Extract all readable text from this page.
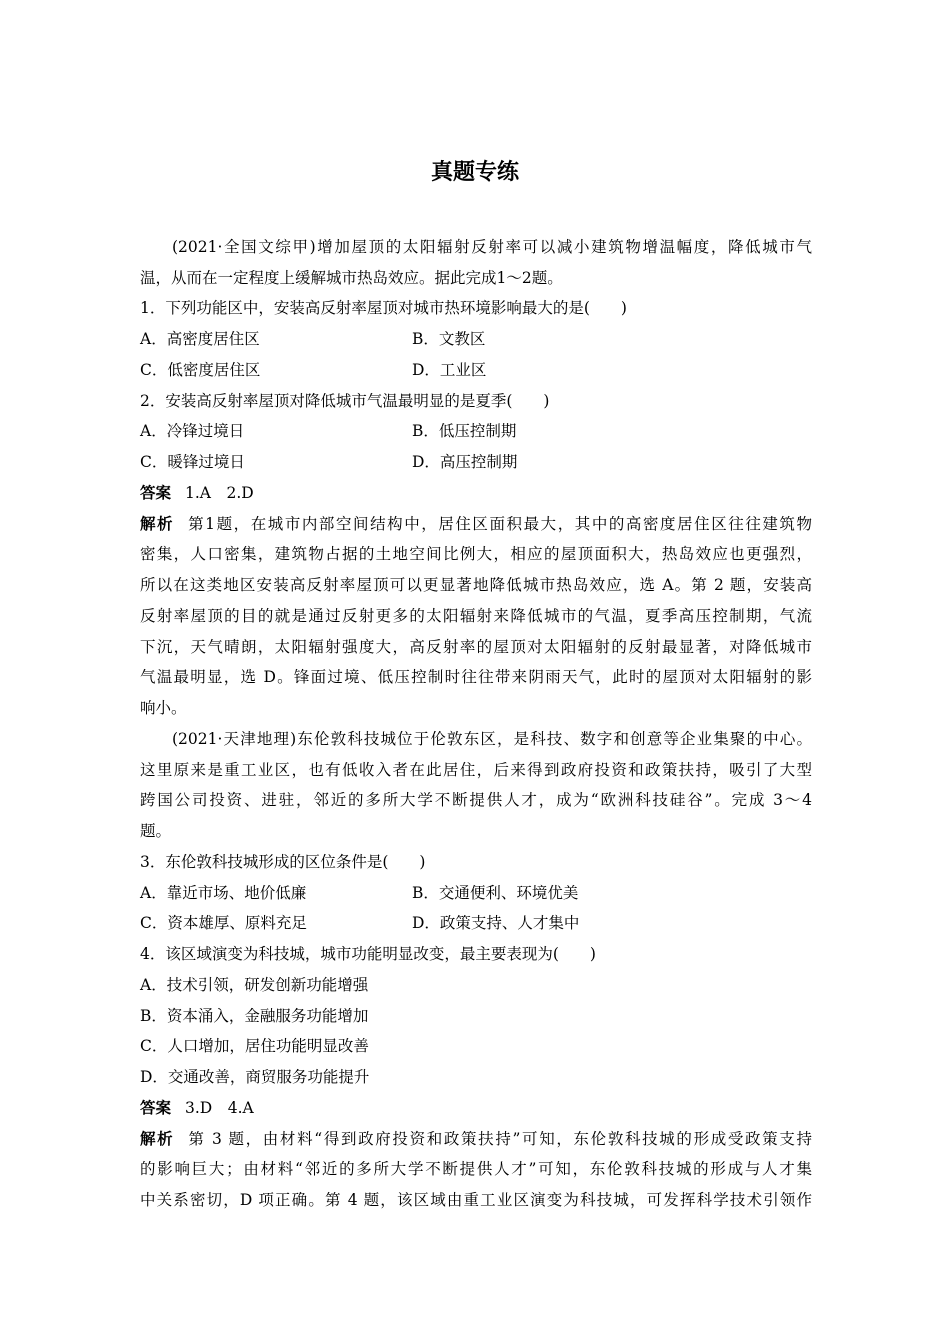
真题专练
(2021·全国文综甲)增加屋顶的太阳辐射反射率可以减小建筑物增温幅度，降低城市气
温，从而在一定程度上缓解城市热岛效应。据此完成1～2题。
1．下列功能区中，安装高反射率屋顶对城市热环境影响最大的是(　　)
A．高密度居住区	B．文教区
C．低密度居住区	D．工业区
2．安装高反射率屋顶对降低城市气温最明显的是夏季(　　)
A．冷锋过境日	B．低压控制期
C．暖锋过境日	D．高压控制期
答案 1.A　2.D
解析 第1题，在城市内部空间结构中，居住区面积最大，其中的高密度居住区往往建筑物
密集，人口密集，建筑物占据的土地空间比例大，相应的屋顶面积大，热岛效应也更强烈，
所以在这类地区安装高反射率屋顶可以更显著地降低城市热岛效应，选 A。第 2 题，安装高
反射率屋顶的目的就是通过反射更多的太阳辐射来降低城市的气温，夏季高压控制期，气流
下沉，天气晴朗，太阳辐射强度大，高反射率的屋顶对太阳辐射的反射最显著，对降低城市
气温最明显，选 D。锋面过境、低压控制时往往带来阴雨天气，此时的屋顶对太阳辐射的影
响小。
(2021·天津地理)东伦敦科技城位于伦敦东区，是科技、数字和创意等企业集聚的中心。
这里原来是重工业区，也有低收入者在此居住，后来得到政府投资和政策扶持，吸引了大型
跨国公司投资、进驻，邻近的多所大学不断提供人才，成为“欧洲科技硅谷”。完成 3～4
题。
3．东伦敦科技城形成的区位条件是(　　)
A．靠近市场、地价低廉	B．交通便利、环境优美
C．资本雄厚、原料充足	D．政策支持、人才集中
4．该区域演变为科技城，城市功能明显改变，最主要表现为(　　)
A．技术引领，研发创新功能增强
B．资本涌入，金融服务功能增加
C．人口增加，居住功能明显改善
D．交通改善，商贸服务功能提升
答案 3.D　4.A
解析 第 3 题，由材料“得到政府投资和政策扶持”可知，东伦敦科技城的形成受政策支持
的影响巨大；由材料“邻近的多所大学不断提供人才”可知，东伦敦科技城的形成与人才集
中关系密切，D 项正确。第 4 题，该区域由重工业区演变为科技城，可发挥科学技术引领作
